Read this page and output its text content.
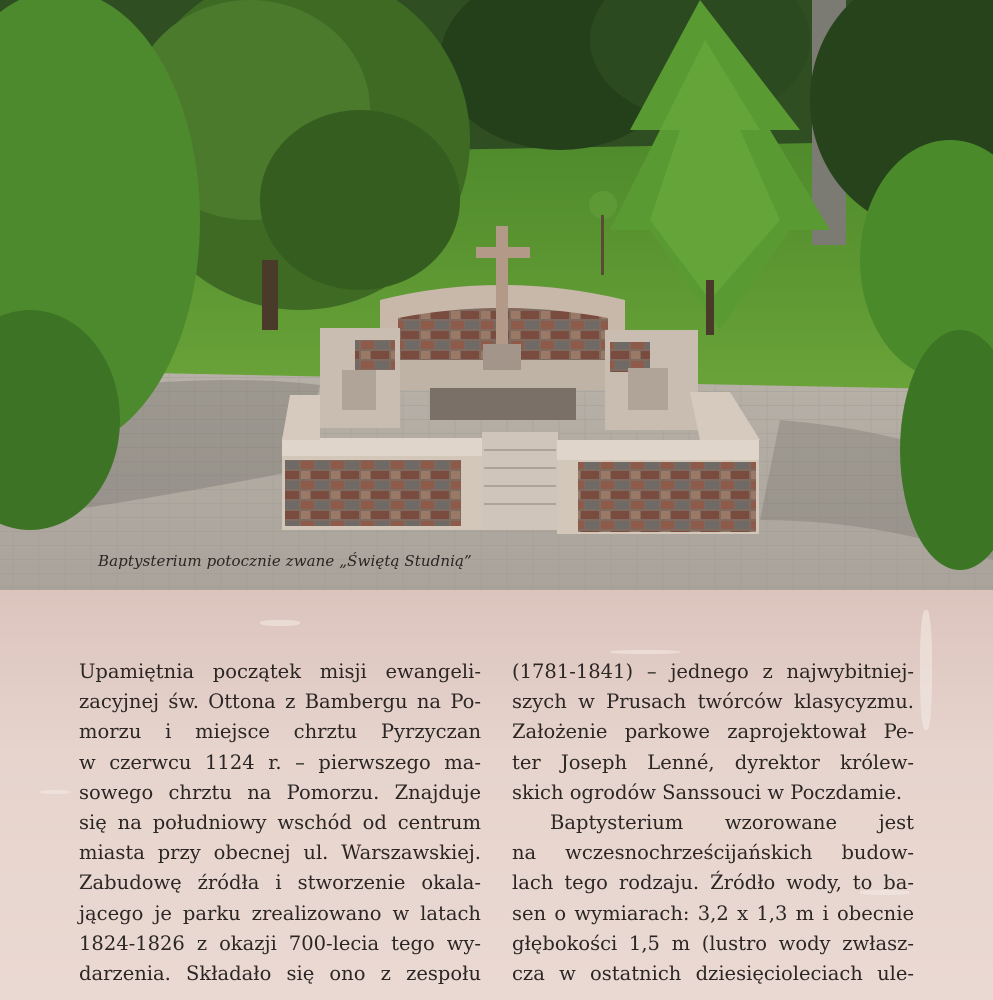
Baptysterium potocznie zwane „Świętą Studnią”
Upamiętnia początek misji ewangeli-
zacyjnej św. Ottona z Bambergu na Po-
morzu i miejsce chrztu Pyrzyczan
w czerwcu 1124 r. – pierwszego ma-
sowego chrztu na Pomorzu. Znajduje
się na południowy wschód od centrum
miasta przy obecnej ul. Warszawskiej.
Zabudowę źródła i stworzenie okala-
jącego je parku zrealizowano w latach
1824-1826 z okazji 700-lecia tego wy-
darzenia. Składało się ono z zespołu
(1781-1841) – jednego z najwybitniej-
szych w Prusach twórców klasycyzmu.
Założenie parkowe zaprojektował Pe-
ter Joseph Lenné, dyrektor królew-
skich ogrodów Sanssouci w Poczdamie.
Baptysterium wzorowane jest
na wczesnochrześcijańskich budow-
lach tego rodzaju. Źródło wody, to ba-
sen o wymiarach: 3,2 x 1,3 m i obecnie
głębokości 1,5 m (lustro wody zwłasz-
cza w ostatnich dziesięcioleciach ule-
